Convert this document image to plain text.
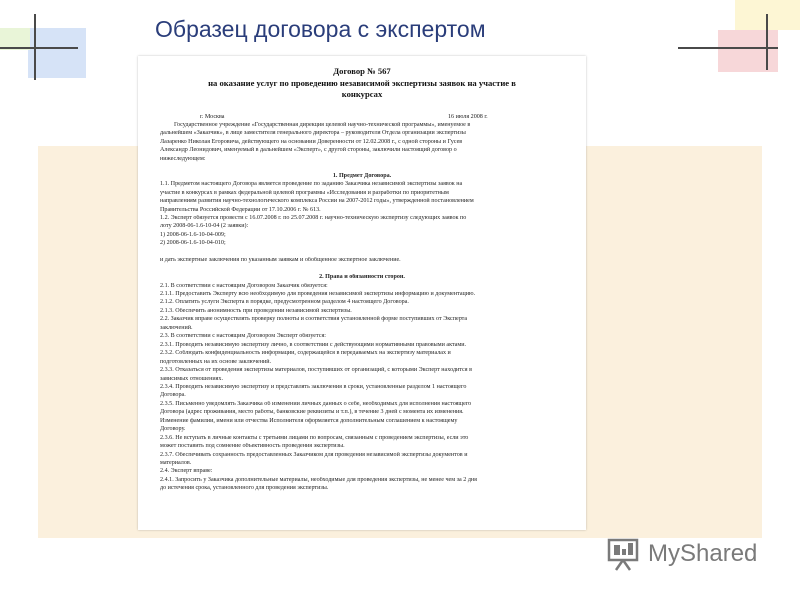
Образец договора с экспертом
Договор № 567
на оказание услуг по проведению независимой экспертизы заявок на участие в
конкурсах
г. Москва	16 июля 2008 г.
Государственное учреждение «Государственная дирекция целевой научно-технической программы», именуемое в
дальнейшем «Заказчик», в лице заместителя генерального директора – руководителя Отдела организации экспертизы
Лазаренко Николая Егоровича, действующего на основании Доверенности от 12.02.2008 г., с одной стороны и Гусев
Александр Леонидович, именуемый в дальнейшем «Эксперт», с другой стороны, заключили настоящий договор о
нижеследующем:
1. Предмет Договора.
1.1. Предметом настоящего Договора является проведение по заданию Заказчика независимой экспертизы заявок на
участие в конкурсах в рамках федеральной целевой программы «Исследования и разработки по приоритетным
направлениям развития научно-технологического комплекса России на 2007-2012 годы», утвержденной постановлением
Правительства Российской Федерации от 17.10.2006 г. № 613.
1.2. Эксперт обязуется провести с 16.07.2008 г. по 25.07.2008 г. научно-техническую экспертизу следующих заявок по
лоту 2008-06-1.6-10-04 (2 заявки):
1) 2008-06-1.6-10-04-009;
2) 2008-06-1.6-10-04-010;
и дать экспертные заключения по указанным заявкам и обобщенное экспертное заключение.
2. Права и обязанности сторон.
2.1. В соответствии с настоящим Договором Заказчик обязуется:
2.1.1. Предоставить Эксперту всю необходимую для проведения независимой экспертизы информацию и документацию.
2.1.2. Оплатить услуги Эксперта в порядке, предусмотренном разделом 4 настоящего Договора.
2.1.3. Обеспечить анонимность при проведении независимой экспертизы.
2.2. Заказчик вправе осуществлять проверку полноты и соответствия установленной форме поступивших от Эксперта
заключений.
2.3. В соответствии с настоящим Договором Эксперт обязуется:
2.3.1. Проводить независимую экспертизу лично, в соответствии с действующими нормативными правовыми актами.
2.3.2. Соблюдать конфиденциальность информации, содержащейся в передаваемых на экспертизу материалах и
подготовленных на их основе заключений.
2.3.3. Отказаться от проведения экспертизы материалов, поступивших от организаций, с которыми Эксперт находится в
зависимых отношениях.
2.3.4. Проводить независимую экспертизу и представлять заключения в сроки, установленные разделом 1 настоящего
Договора.
2.3.5. Письменно уведомлять Заказчика об изменении личных данных о себе, необходимых для исполнения настоящего
Договора (адрес проживания, место работы, банковские реквизиты и т.п.), в течение 3 дней с момента их изменения.
Изменение фамилии, имени или отчества Исполнителя оформляется дополнительным соглашением к настоящему
Договору.
2.3.6. Не вступать в личные контакты с третьими лицами по вопросам, связанным с проведением экспертизы, если это
может поставить под сомнение объективность проведения экспертизы.
2.3.7. Обеспечивать сохранность предоставленных Заказчиком для проведения независимой экспертизы документов и
материалов.
2.4. Эксперт вправе:
2.4.1. Запросить у Заказчика дополнительные материалы, необходимые для проведения экспертизы, не менее чем за 2 дня
до истечения срока, установленного для проведения экспертизы.
MyShared
